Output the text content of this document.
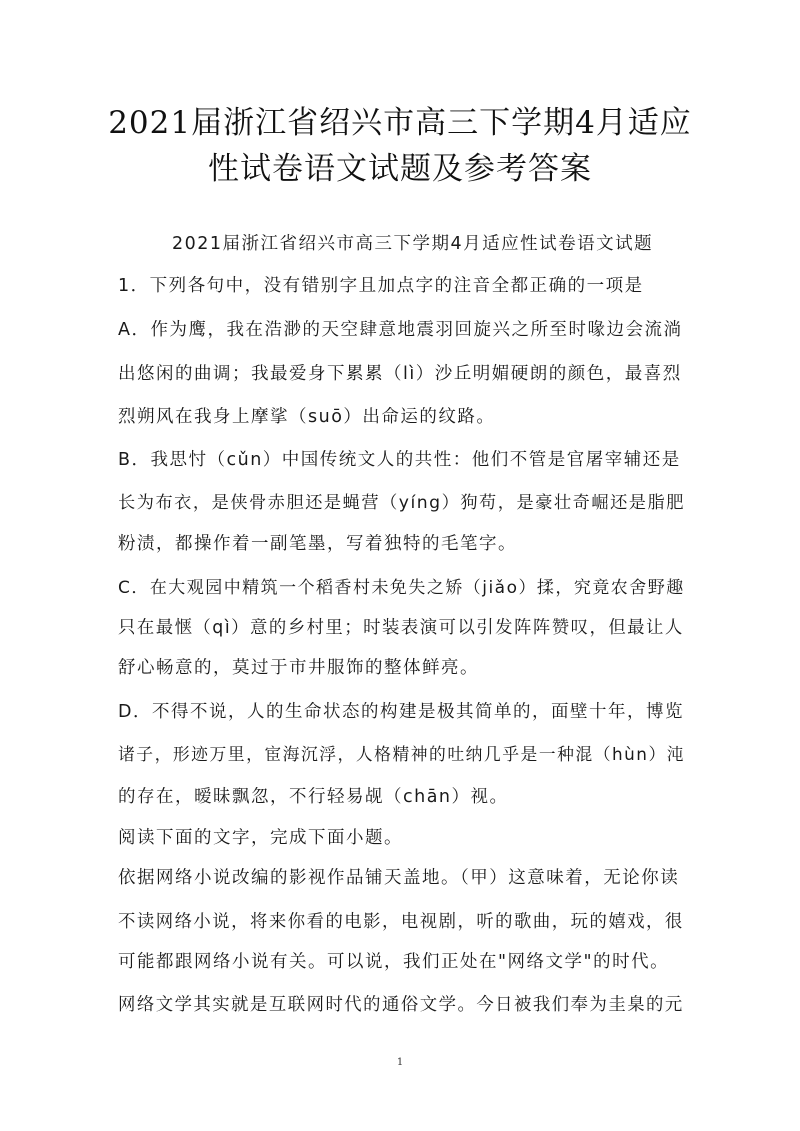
2021届浙江省绍兴市高三下学期4月适应
性试卷语文试题及参考答案
2021届浙江省绍兴市高三下学期4月适应性试卷语文试题
1．下列各句中，没有错别字且加点字的注音全都正确的一项是
A．作为鹰，我在浩渺的天空肆意地震羽回旋兴之所至时喙边会流淌
出悠闲的曲调；我最爱身下累累（lì）沙丘明媚硬朗的颜色，最喜烈
烈朔风在我身上摩挲（suō）出命运的纹路。
B．我思忖（cǔn）中国传统文人的共性：他们不管是官屠宰辅还是
长为布衣，是侠骨赤胆还是蝇营（yíng）狗苟，是豪壮奇崛还是脂肥
粉渍，都操作着一副笔墨，写着独特的毛笔字。
C．在大观园中精筑一个稻香村未免失之矫（jiǎo）揉，究竟农舍野趣
只在最惬（qì）意的乡村里；时装表演可以引发阵阵赞叹，但最让人
舒心畅意的，莫过于市井服饰的整体鲜亮。
D．不得不说，人的生命状态的构建是极其简单的，面壁十年，博览
诸子，形迹万里，宦海沉浮，人格精神的吐纳几乎是一种混（hùn）沌
的存在，暧昧飘忽，不行轻易觇（chān）视。
阅读下面的文字，完成下面小题。
依据网络小说改编的影视作品铺天盖地。（甲）这意味着，无论你读
不读网络小说，将来你看的电影，电视剧，听的歌曲，玩的嬉戏，很
可能都跟网络小说有关。可以说，我们正处在"网络文学"的时代。
网络文学其实就是互联网时代的通俗文学。今日被我们奉为圭臬的元
1
